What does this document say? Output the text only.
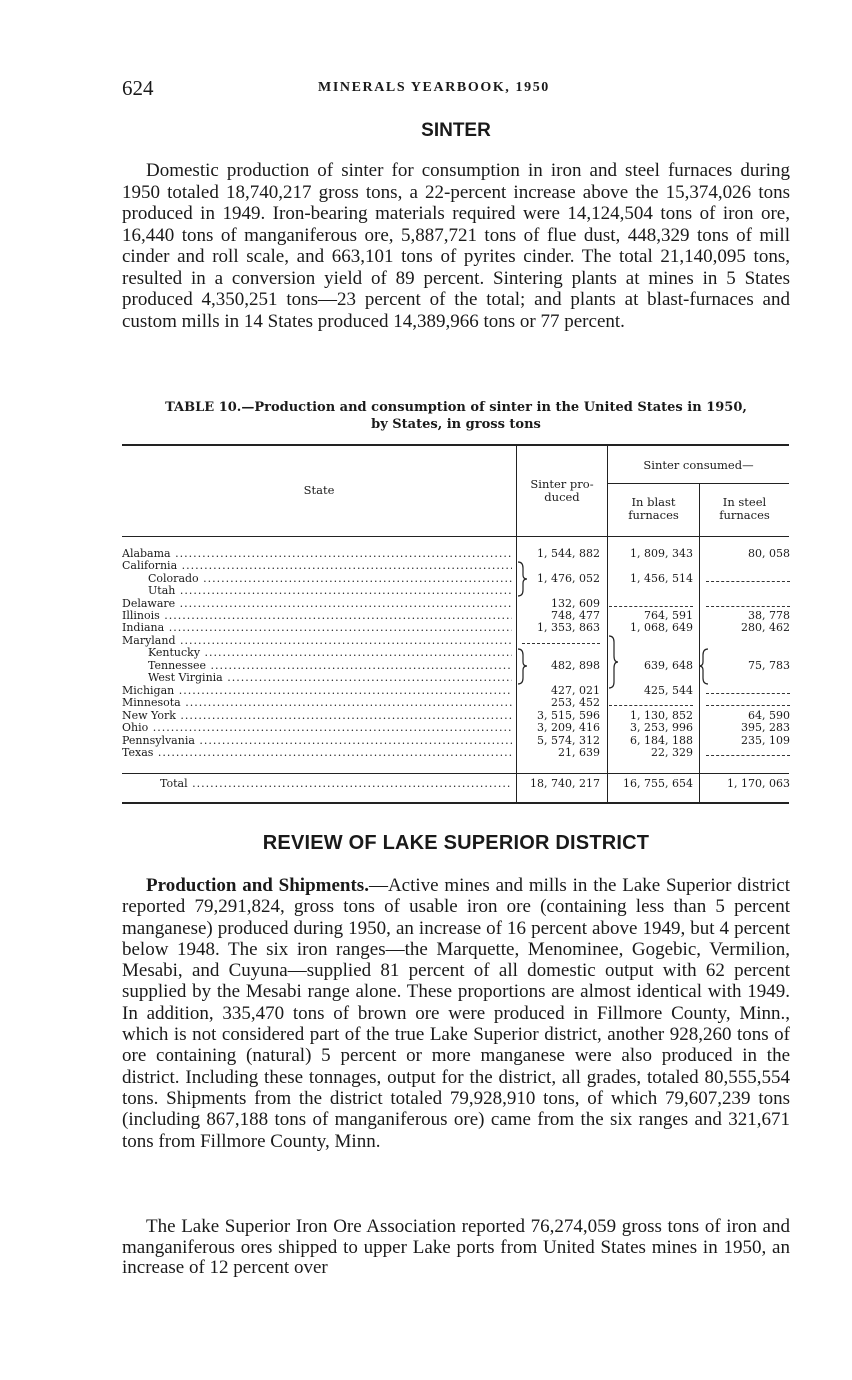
624	MINERALS YEARBOOK, 1950
SINTER

Domestic production of sinter for consumption in iron and steel furnaces during 1950 totaled 18,740,217 gross tons, a 22-percent increase above the 15,374,026 tons produced in 1949. Iron-bearing materials required were 14,124,504 tons of iron ore, 16,440 tons of manganiferous ore, 5,887,721 tons of flue dust, 448,329 tons of mill cinder and roll scale, and 663,101 tons of pyrites cinder. The total 21,140,095 tons, resulted in a conversion yield of 89 percent. Sintering plants at mines in 5 States produced 4,350,251 tons—23 percent of the total; and plants at blast-furnaces and custom mills in 14 States produced 14,389,966 tons or 77 percent.

TABLE 10.—Production and consumption of sinter in the United States in 1950,
by States, in gross tons
State	Sinter pro-
duced
Sinter consumed—
In blast
furnaces
In steel
furnaces
Alabama .....	1, 544, 882	1, 809, 343	80, 058
California .....
Colorado .....	1, 476, 052	1, 456, 514
Utah .....
Delaware .....	132, 609
Illinois .....	748, 477	764, 591	38, 778
Indiana .....	1, 353, 863	1, 068, 649	280, 462
Maryland .....
Kentucky .....
Tennessee .....	482, 898	639, 648	75, 783
West Virginia .....
Michigan .....	427, 021	425, 544
Minnesota .....	253, 452
New York .....	3, 515, 596	1, 130, 852	64, 590
Ohio .....	3, 209, 416	3, 253, 996	395, 283
Pennsylvania .....	5, 574, 312	6, 184, 188	235, 109
Texas .....	21, 639	22, 329
Total .....	18, 740, 217	16, 755, 654	1, 170, 063
REVIEW OF LAKE SUPERIOR DISTRICT

Production and Shipments.—Active mines and mills in the Lake Superior district reported 79,291,824, gross tons of usable iron ore (containing less than 5 percent manganese) produced during 1950, an increase of 16 percent above 1949, but 4 percent below 1948. The six iron ranges—the Marquette, Menominee, Gogebic, Vermilion, Mesabi, and Cuyuna—supplied 81 percent of all domestic output with 62 percent supplied by the Mesabi range alone. These proportions are almost identical with 1949. In addition, 335,470 tons of brown ore were produced in Fillmore County, Minn., which is not considered part of the true Lake Superior district, another 928,260 tons of ore containing (natural) 5 percent or more manganese were also produced in the district. Including these tonnages, output for the district, all grades, totaled 80,555,554 tons. Shipments from the district totaled 79,928,910 tons, of which 79,607,239 tons (including 867,188 tons of manganiferous ore) came from the six ranges and 321,671 tons from Fillmore County, Minn.

The Lake Superior Iron Ore Association reported 76,274,059 gross tons of iron and manganiferous ores shipped to upper Lake ports from United States mines in 1950, an increase of 12 percent over
